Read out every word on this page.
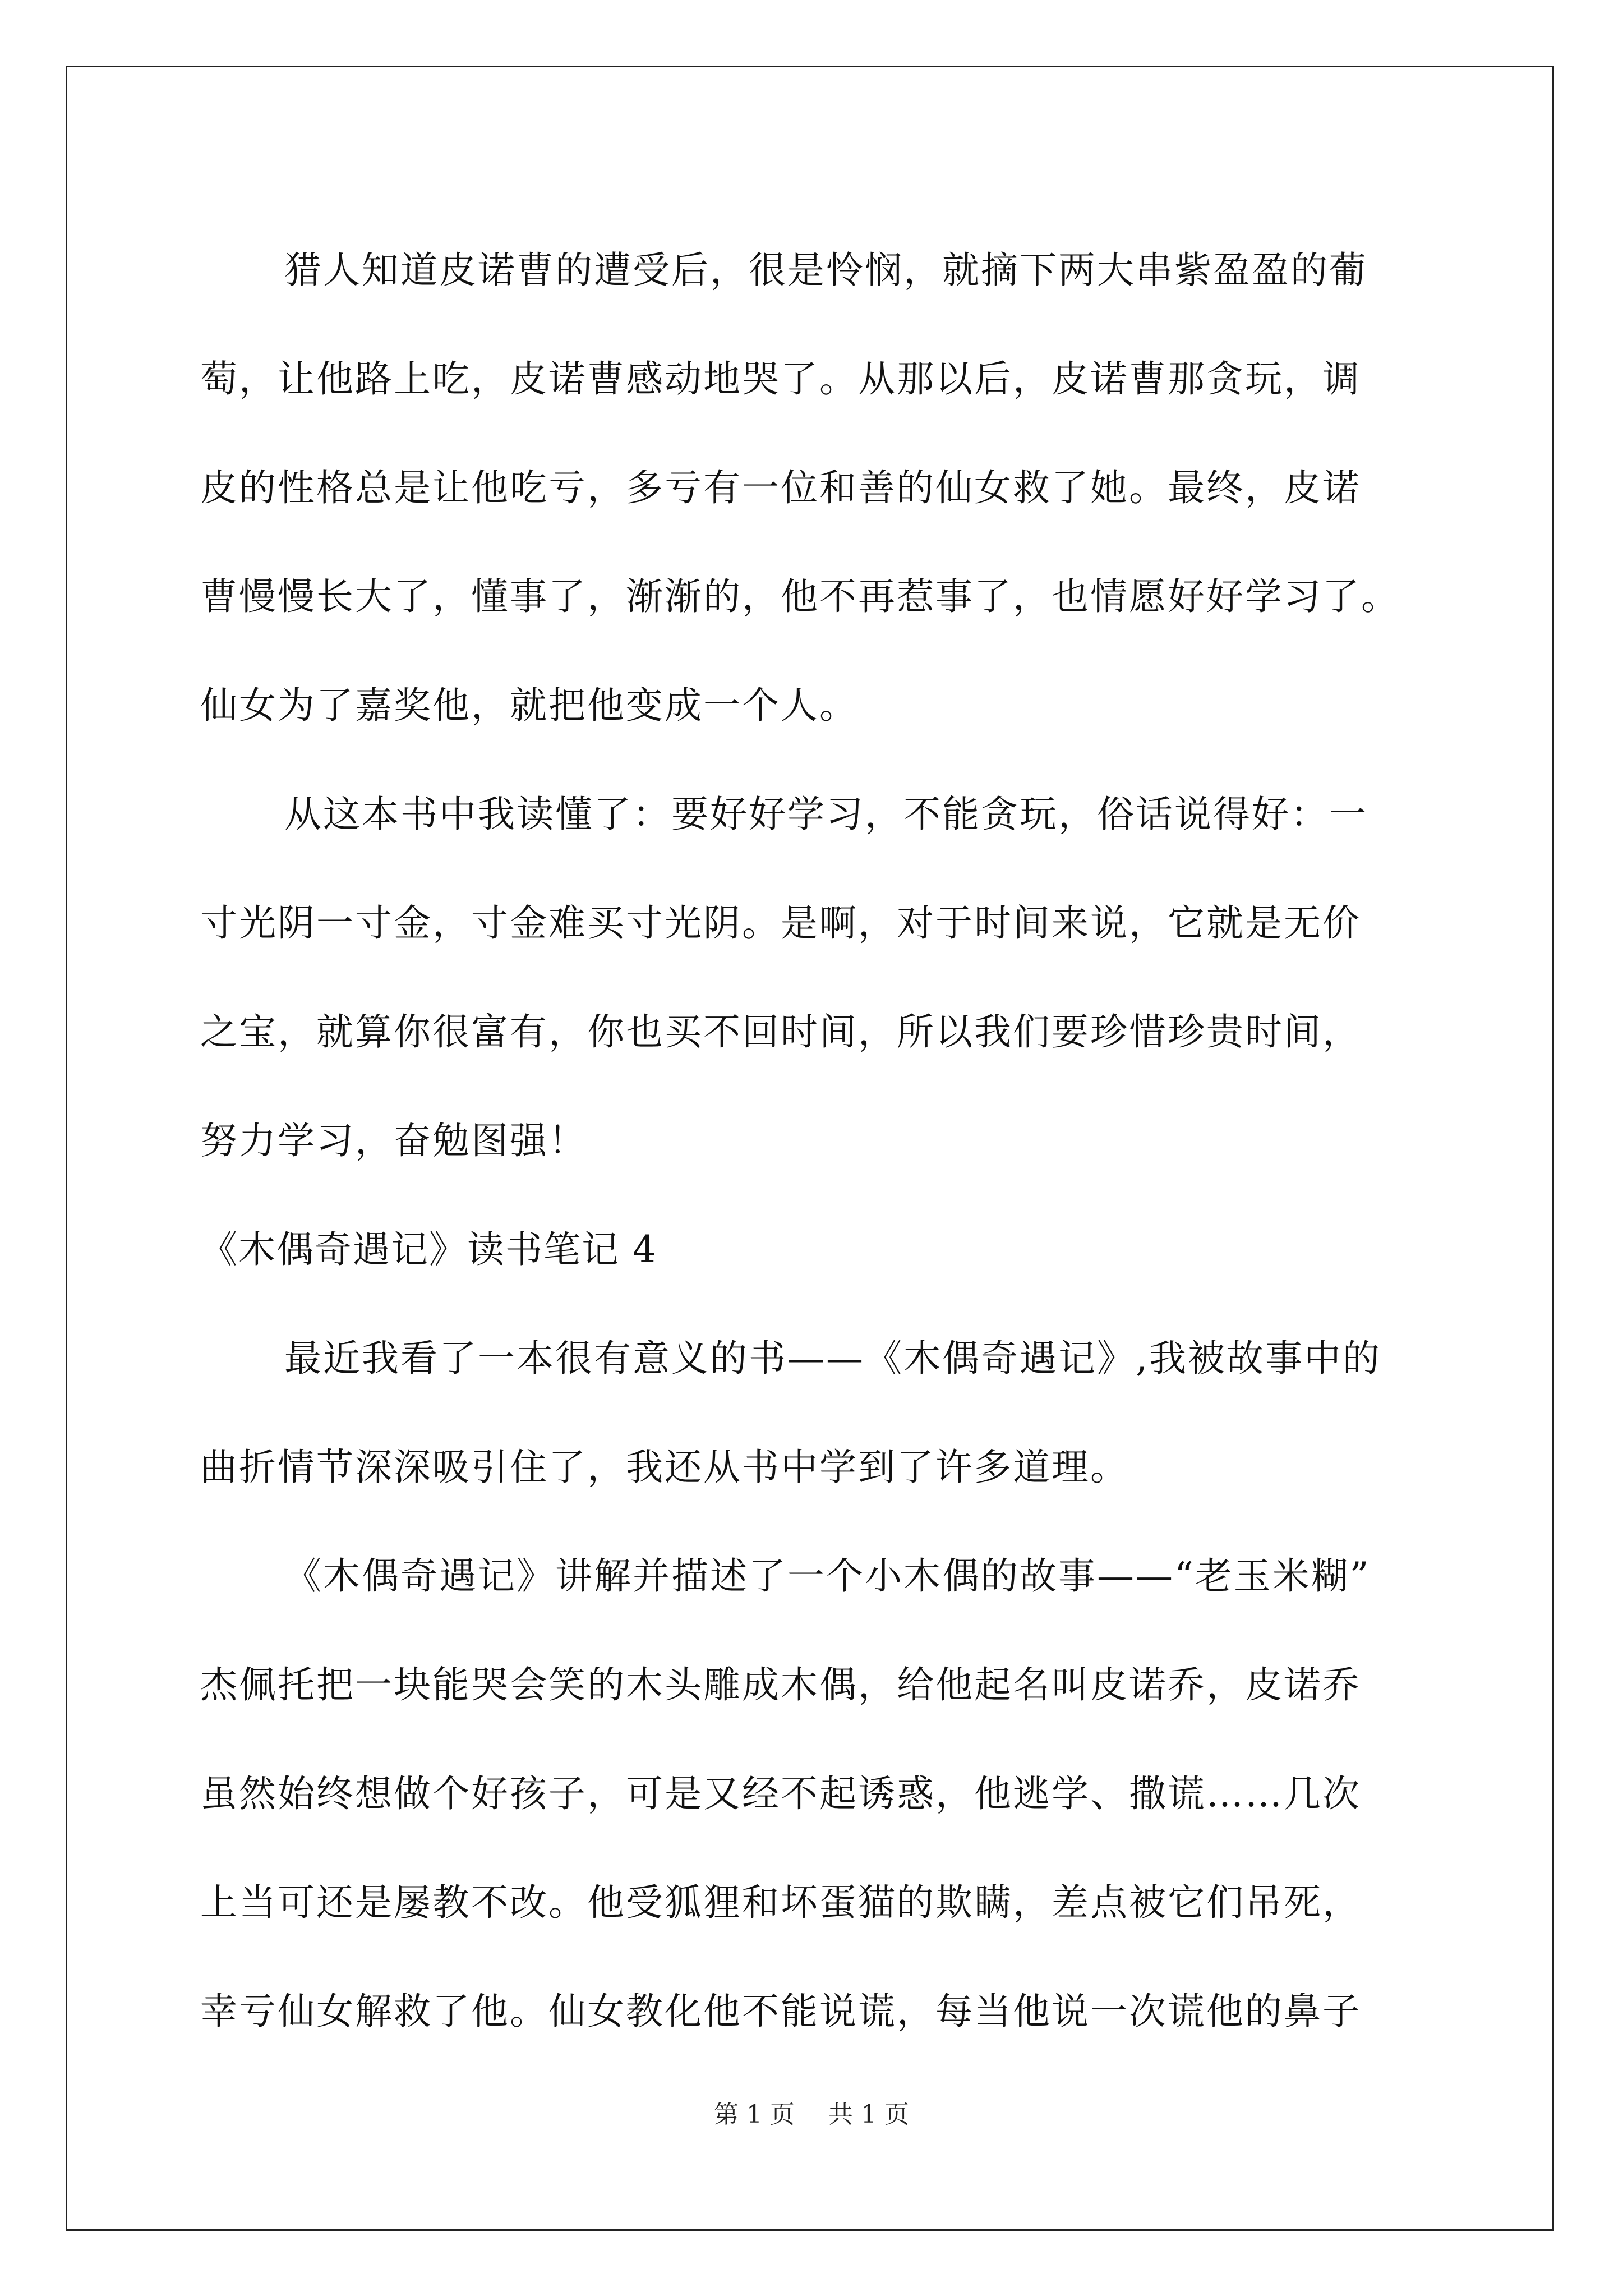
猎人知道皮诺曹的遭受后，很是怜悯，就摘下两大串紫盈盈的葡
萄，让他路上吃，皮诺曹感动地哭了。从那以后，皮诺曹那贪玩，调
皮的性格总是让他吃亏，多亏有一位和善的仙女救了她。最终，皮诺
曹慢慢长大了，懂事了，渐渐的，他不再惹事了，也情愿好好学习了。
仙女为了嘉奖他，就把他变成一个人。

从这本书中我读懂了：要好好学习，不能贪玩，俗话说得好：一
寸光阴一寸金，寸金难买寸光阴。是啊，对于时间来说，它就是无价
之宝，就算你很富有，你也买不回时间，所以我们要珍惜珍贵时间，
努力学习，奋勉图强！

《木偶奇遇记》读书笔记 4

最近我看了一本很有意义的书——《木偶奇遇记》,我被故事中的
曲折情节深深吸引住了，我还从书中学到了许多道理。

《木偶奇遇记》讲解并描述了一个小木偶的故事——“老玉米糊”
杰佩托把一块能哭会笑的木头雕成木偶，给他起名叫皮诺乔，皮诺乔
虽然始终想做个好孩子，可是又经不起诱惑，他逃学、撒谎……几次
上当可还是屡教不改。他受狐狸和坏蛋猫的欺瞒，差点被它们吊死，
幸亏仙女解救了他。仙女教化他不能说谎，每当他说一次谎他的鼻子

第 1 页 共 1 页
